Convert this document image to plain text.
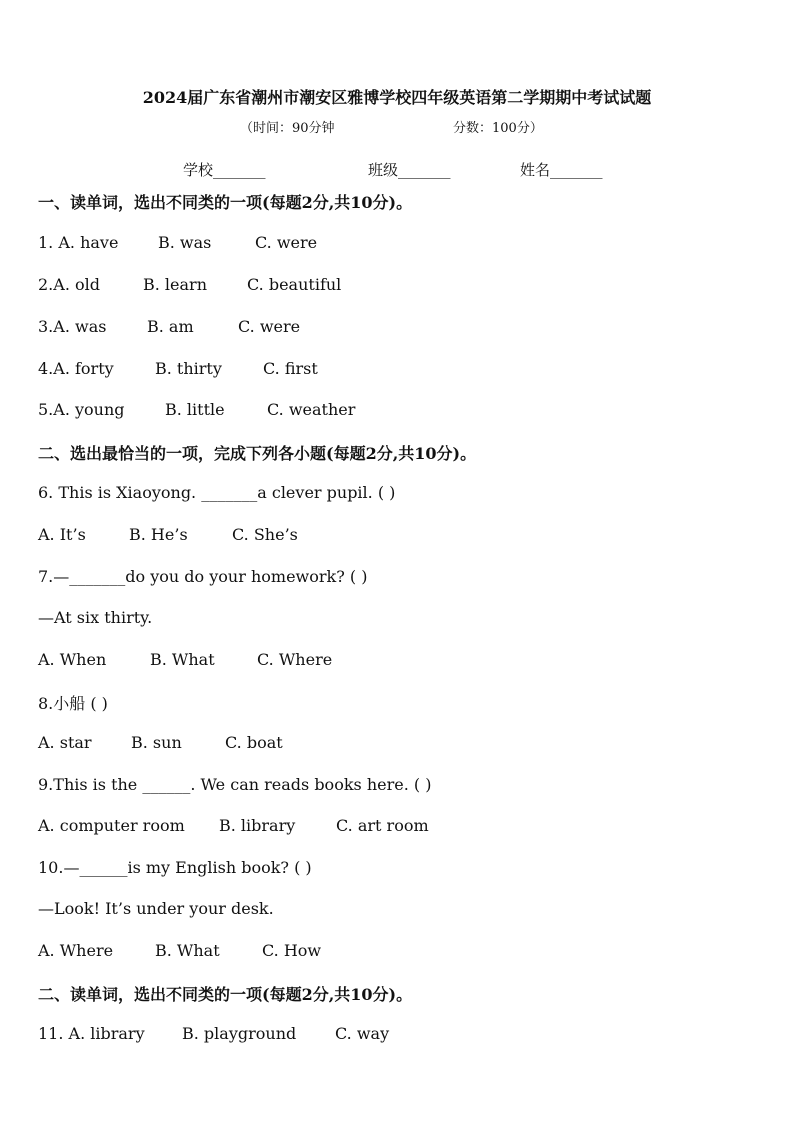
2024届广东省潮州市潮安区雅博学校四年级英语第二学期期中考试试题
（时间：90分钟	分数：100分）
学校_______	班级_______	姓名_______
一、读单词，选出不同类的一项(每题2分,共10分)。
1. A. have B. was	C. were
2.A. old	B. learn C. beautiful
3.A. was	B. am	C. were
4.A. forty	B. thirty	C. first
5.A. young	B. little	C. weather
二、选出最恰当的一项，完成下列各小题(每题2分,共10分)。
6. This is Xiaoyong. _______a clever pupil. ( )
A. It’s	B. He’s	C. She’s
7.—_______do you do your homework? ( )
—At six thirty.
A. When	B. What	C. Where
8.小船 ( )
A. star B. sun	C. boat
9.This is the ______. We can reads books here. ( )
A. computer room B. library	C. art room
10.—______is my English book? ( )
—Look! It’s under your desk.
A. Where	B. What	C. How
二、读单词，选出不同类的一项(每题2分,共10分)。
11. A. library B. playground C. way
